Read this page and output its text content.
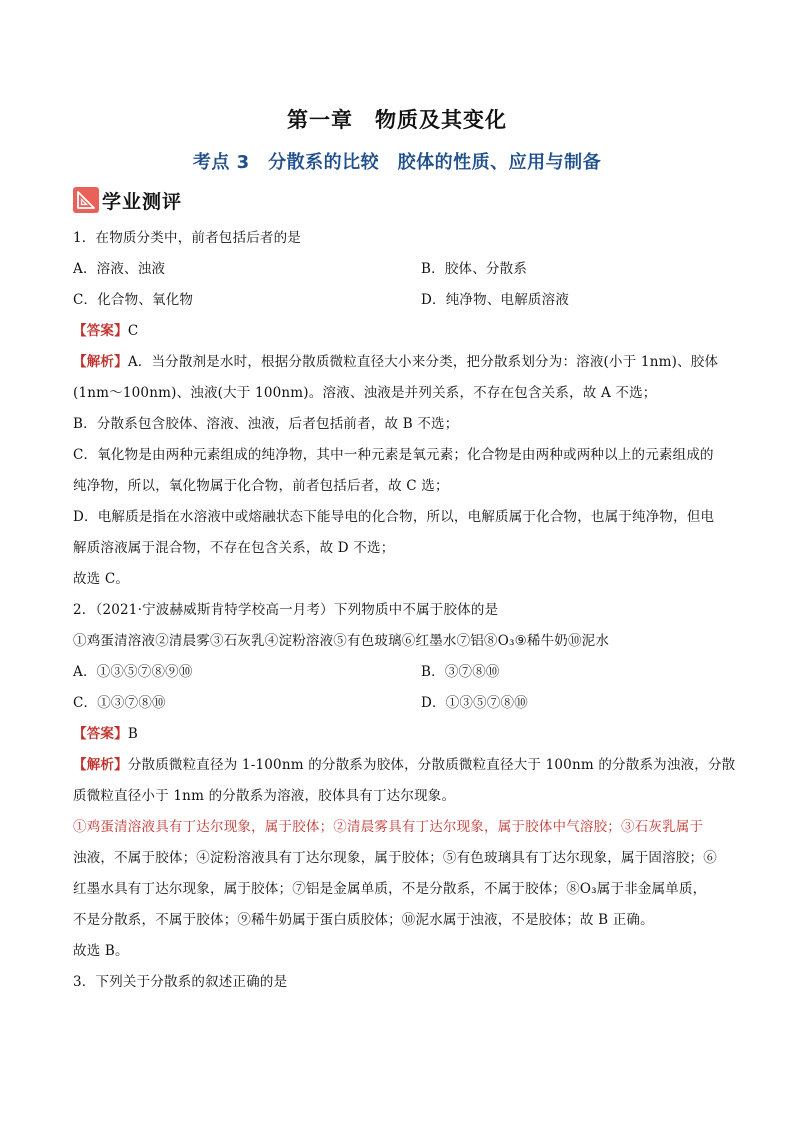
第一章　物质及其变化
考点 3　分散系的比较　胶体的性质、应用与制备
学业测评
1．在物质分类中，前者包括后者的是
A．溶液、浊液	B．胶体、分散系
C．化合物、氧化物	D．纯净物、电解质溶液
【答案】C
【解析】A．当分散剂是水时，根据分散质微粒直径大小来分类，把分散系划分为：溶液(小于 1nm)、胶体
(1nm～100nm)、浊液(大于 100nm)。溶液、浊液是并列关系，不存在包含关系，故 A 不选；
B．分散系包含胶体、溶液、浊液，后者包括前者，故 B 不选；
C．氧化物是由两种元素组成的纯净物，其中一种元素是氧元素；化合物是由两种或两种以上的元素组成的
纯净物，所以，氧化物属于化合物，前者包括后者，故 C 选；
D．电解质是指在水溶液中或熔融状态下能导电的化合物，所以，电解质属于化合物，也属于纯净物，但电
解质溶液属于混合物，不存在包含关系，故 D 不选；
故选 C。
2．（2021·宁波赫威斯肯特学校高一月考）下列物质中不属于胶体的是
①鸡蛋清溶液②清晨雾③石灰乳④淀粉溶液⑤有色玻璃⑥红墨水⑦铝⑧O₃⑨稀牛奶⑩泥水
A．①③⑤⑦⑧⑨⑩	B．③⑦⑧⑩
C．①③⑦⑧⑩	D．①③⑤⑦⑧⑩
【答案】B
【解析】分散质微粒直径为 1-100nm 的分散系为胶体，分散质微粒直径大于 100nm 的分散系为浊液，分散
质微粒直径小于 1nm 的分散系为溶液，胶体具有丁达尔现象。
①鸡蛋清溶液具有丁达尔现象，属于胶体；②清晨雾具有丁达尔现象，属于胶体中气溶胶；③石灰乳属于
浊液，不属于胶体；④淀粉溶液具有丁达尔现象，属于胶体；⑤有色玻璃具有丁达尔现象，属于固溶胶；⑥
红墨水具有丁达尔现象，属于胶体；⑦铝是金属单质，不是分散系，不属于胶体；⑧O₃属于非金属单质，
不是分散系，不属于胶体；⑨稀牛奶属于蛋白质胶体；⑩泥水属于浊液，不是胶体；故 B 正确。
故选 B。
3．下列关于分散系的叙述正确的是
